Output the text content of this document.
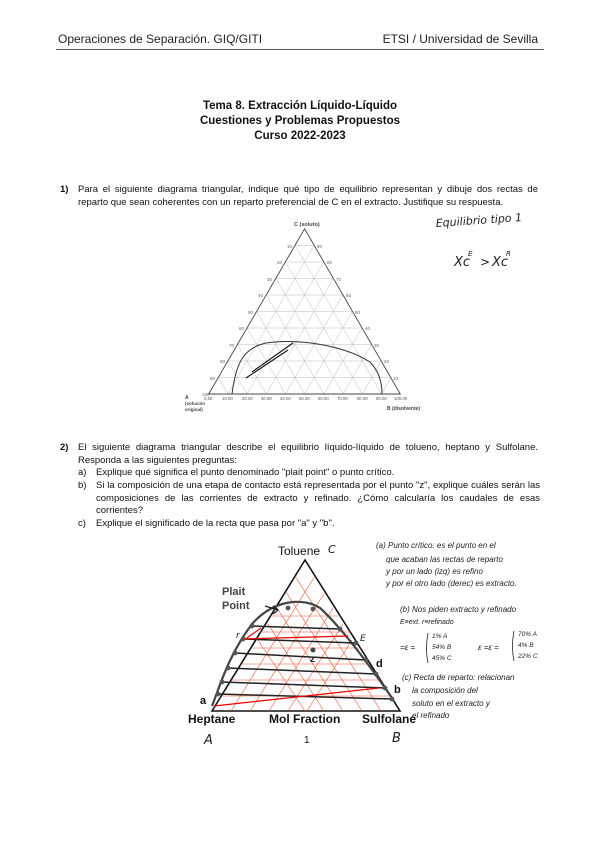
Operaciones de Separación. GIQ/GITI	ETSI / Universidad de Sevilla
Tema 8. Extracción Líquido-Líquido
Cuestiones y Problemas Propuestos
Curso 2022-2023
1) Para el siguiente diagrama triangular, indique qué tipo de equilibrio representan y dibuje dos rectas de reparto que sean coherentes con un reparto preferencial de C en el extracto. Justifique su respuesta.
C (soluto)
100
90
80
70
60
50
40
30
20
10	90
80
70
60
50
40
30
20
10
0.00 10.00 20.00 30.00 40.00 50.00 60.00 70.00 80.00 90.00 100.00
A
(solución
original)	B (disolvente)
Equilibrio tipo 1
Xc
E
> Xc
R
2) El siguiente diagrama triangular describe el equilibrio líquido-líquido de tolueno, heptano y Sulfolane. Responda a las siguientes preguntas:
a) Explique qué significa el punto denominado "plait point" o punto crítico.
b) Si la composición de una etapa de contacto está representada por el punto "z", explique cuáles serán las composiciones de las corrientes de extracto y refinado. ¿Cómo calcularía los caudales de esas corrientes?
c) Explique el significado de la recta que pasa por "a" y "b".
Toluene C
Plait
Point
Heptane	Mol Fraction Sulfolane
a
b
d
z
E
r
A	1	B
(a) Punto crítico: es el punto en el
que acaban las rectas de reparto
y por un lado (izq) es refino
y por el otro lado (derec) es extracto.
(b) Nos piden extracto y refinado
E≡ext. r≡refinado
=ε =
1% A
54% B
45% C
ε =ε =
70% A
4% B
22% C
(c) Recta de reparto: relacionan
la composición del
soluto en el extracto y
el refinado
